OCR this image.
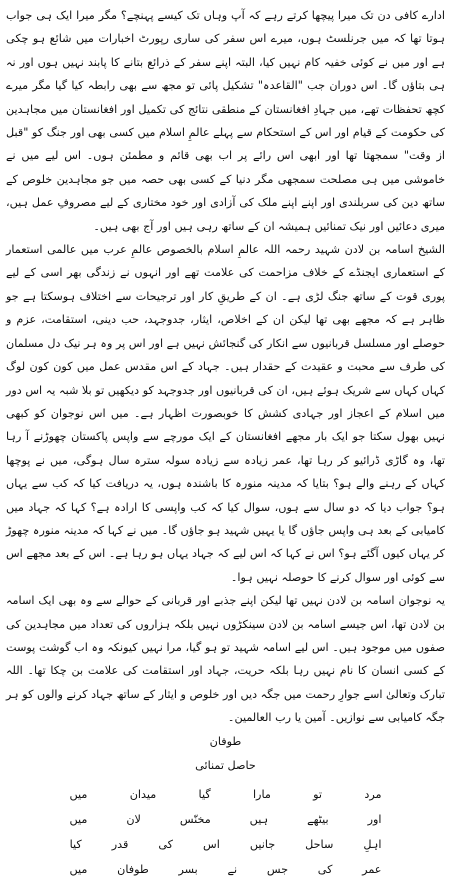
ادارے کافی دن تک میرا پیچھا کرتے رہے کہ آپ وہاں تک کیسے پہنچے؟ مگر میرا ایک ہی جواب ہوتا تھا کہ میں جرنلسٹ ہوں، میرے اس سفر کی ساری رپورٹ اخبارات میں شائع ہو چکی ہے اور میں نے کوئی خفیہ کام نہیں کیا، البتہ اپنے سفر کے ذرائع بتانے کا پابند نہیں ہوں اور نہ ہی بتاؤں گا۔ اس دوران جب "القاعدہ" تشکیل پائی تو مجھ سے بھی رابطہ کیا گیا مگر میرے کچھ تحفظات تھے، میں جہادِ افغانستان کے منطقی نتائج کی تکمیل اور افغانستان میں مجاہدین کی حکومت کے قیام اور اس کے استحکام سے پہلے عالمِ اسلام میں کسی بھی اور جنگ کو "قبل از وقت" سمجھتا تھا اور ابھی اس رائے پر اب بھی قائم و مطمئن ہوں۔ اس لیے میں نے خاموشی میں ہی مصلحت سمجھی مگر دنیا کے کسی بھی حصہ میں جو مجاہدین خلوص کے ساتھ دین کی سربلندی اور اپنے اپنے ملک کی آزادی اور خود مختاری کے لیے مصروفِ عمل ہیں، میری دعائیں اور نیک تمنائیں ہمیشہ ان کے ساتھ رہی ہیں اور آج بھی ہیں۔

الشیخ اسامہ بن لادن شہید رحمہ اللہ عالمِ اسلام بالخصوص عالمِ عرب میں عالمی استعمار کے استعماری ایجنڈے کے خلاف مزاحمت کی علامت تھے اور انہوں نے زندگی بھر اسی کے لیے پوری قوت کے ساتھ جنگ لڑی ہے۔ ان کے طریقِ کار اور ترجیحات سے اختلاف ہوسکتا ہے جو ظاہر ہے کہ مجھے بھی تھا لیکن ان کے اخلاص، ایثار، جدوجہد، حب دینی، استقامت، عزم و حوصلے اور مسلسل قربانیوں سے انکار کی گنجائش نہیں ہے اور اس پر وہ ہر نیک دل مسلمان کی طرف سے محبت و عقیدت کے حقدار ہیں۔ جہاد کے اس مقدس عمل میں کون کون لوگ کہاں کہاں سے شریک ہوئے ہیں، ان کی قربانیوں اور جدوجہد کو دیکھیں تو بلا شبہ یہ اس دور میں اسلام کے اعجاز اور جہادی کشش کا خوبصورت اظہار ہے۔ میں اس نوجوان کو کبھی نہیں بھول سکتا جو ایک بار مجھے افغانستان کے ایک مورچے سے واپس پاکستان چھوڑنے آ رہا تھا، وہ گاڑی ڈرائیو کر رہا تھا، عمر زیادہ سے زیادہ سولہ سترہ سال ہوگی، میں نے پوچھا کہاں کے رہنے والے ہو؟ بتایا کہ مدینہ منورہ کا باشندہ ہوں، یہ دریافت کیا کہ کب سے یہاں ہو؟ جواب دیا کہ دو سال سے ہوں، سوال کیا کہ کب واپسی کا ارادہ ہے؟ کہا کہ جہاد میں کامیابی کے بعد ہی واپس جاؤں گا یا یہیں شہید ہو جاؤں گا۔ میں نے کہا کہ مدینہ منورہ چھوڑ کر یہاں کیوں آگئے ہو؟ اس نے کہا کہ اس لیے کہ جہاد یہاں ہو رہا ہے۔ اس کے بعد مجھے اس سے کوئی اور سوال کرنے کا حوصلہ نہیں ہوا۔

یہ نوجوان اسامہ بن لادن نہیں تھا لیکن اپنے جذبے اور قربانی کے حوالے سے وہ بھی ایک اسامہ بن لادن تھا، اس جیسے اسامہ بن لادن سینکڑوں نہیں بلکہ ہزاروں کی تعداد میں مجاہدین کی صفوں میں موجود ہیں۔ اس لیے اسامہ شہید تو ہو گیا، مرا نہیں کیونکہ وہ اب گوشت پوست کے کسی انسان کا نام نہیں رہا بلکہ حریت، جہاد اور استقامت کی علامت بن چکا تھا۔ اللہ تبارک وتعالیٰ اسے جوارِ رحمت میں جگہ دیں اور خلوص و ایثار کے ساتھ جہاد کرنے والوں کو ہر جگہ کامیابی سے نوازیں۔ آمین یا رب العالمین۔

طوفان
حاصل تمنائی
مرد
تو
مارا
گیا
میدان
میں
اور
بیٹھے
ہیں
مخنّس
لان
میں
اہلِ
ساحل
جانیں
اس
کی
قدر
کیا
عمر
کی
جس
نے
بسر
طوفان
میں
